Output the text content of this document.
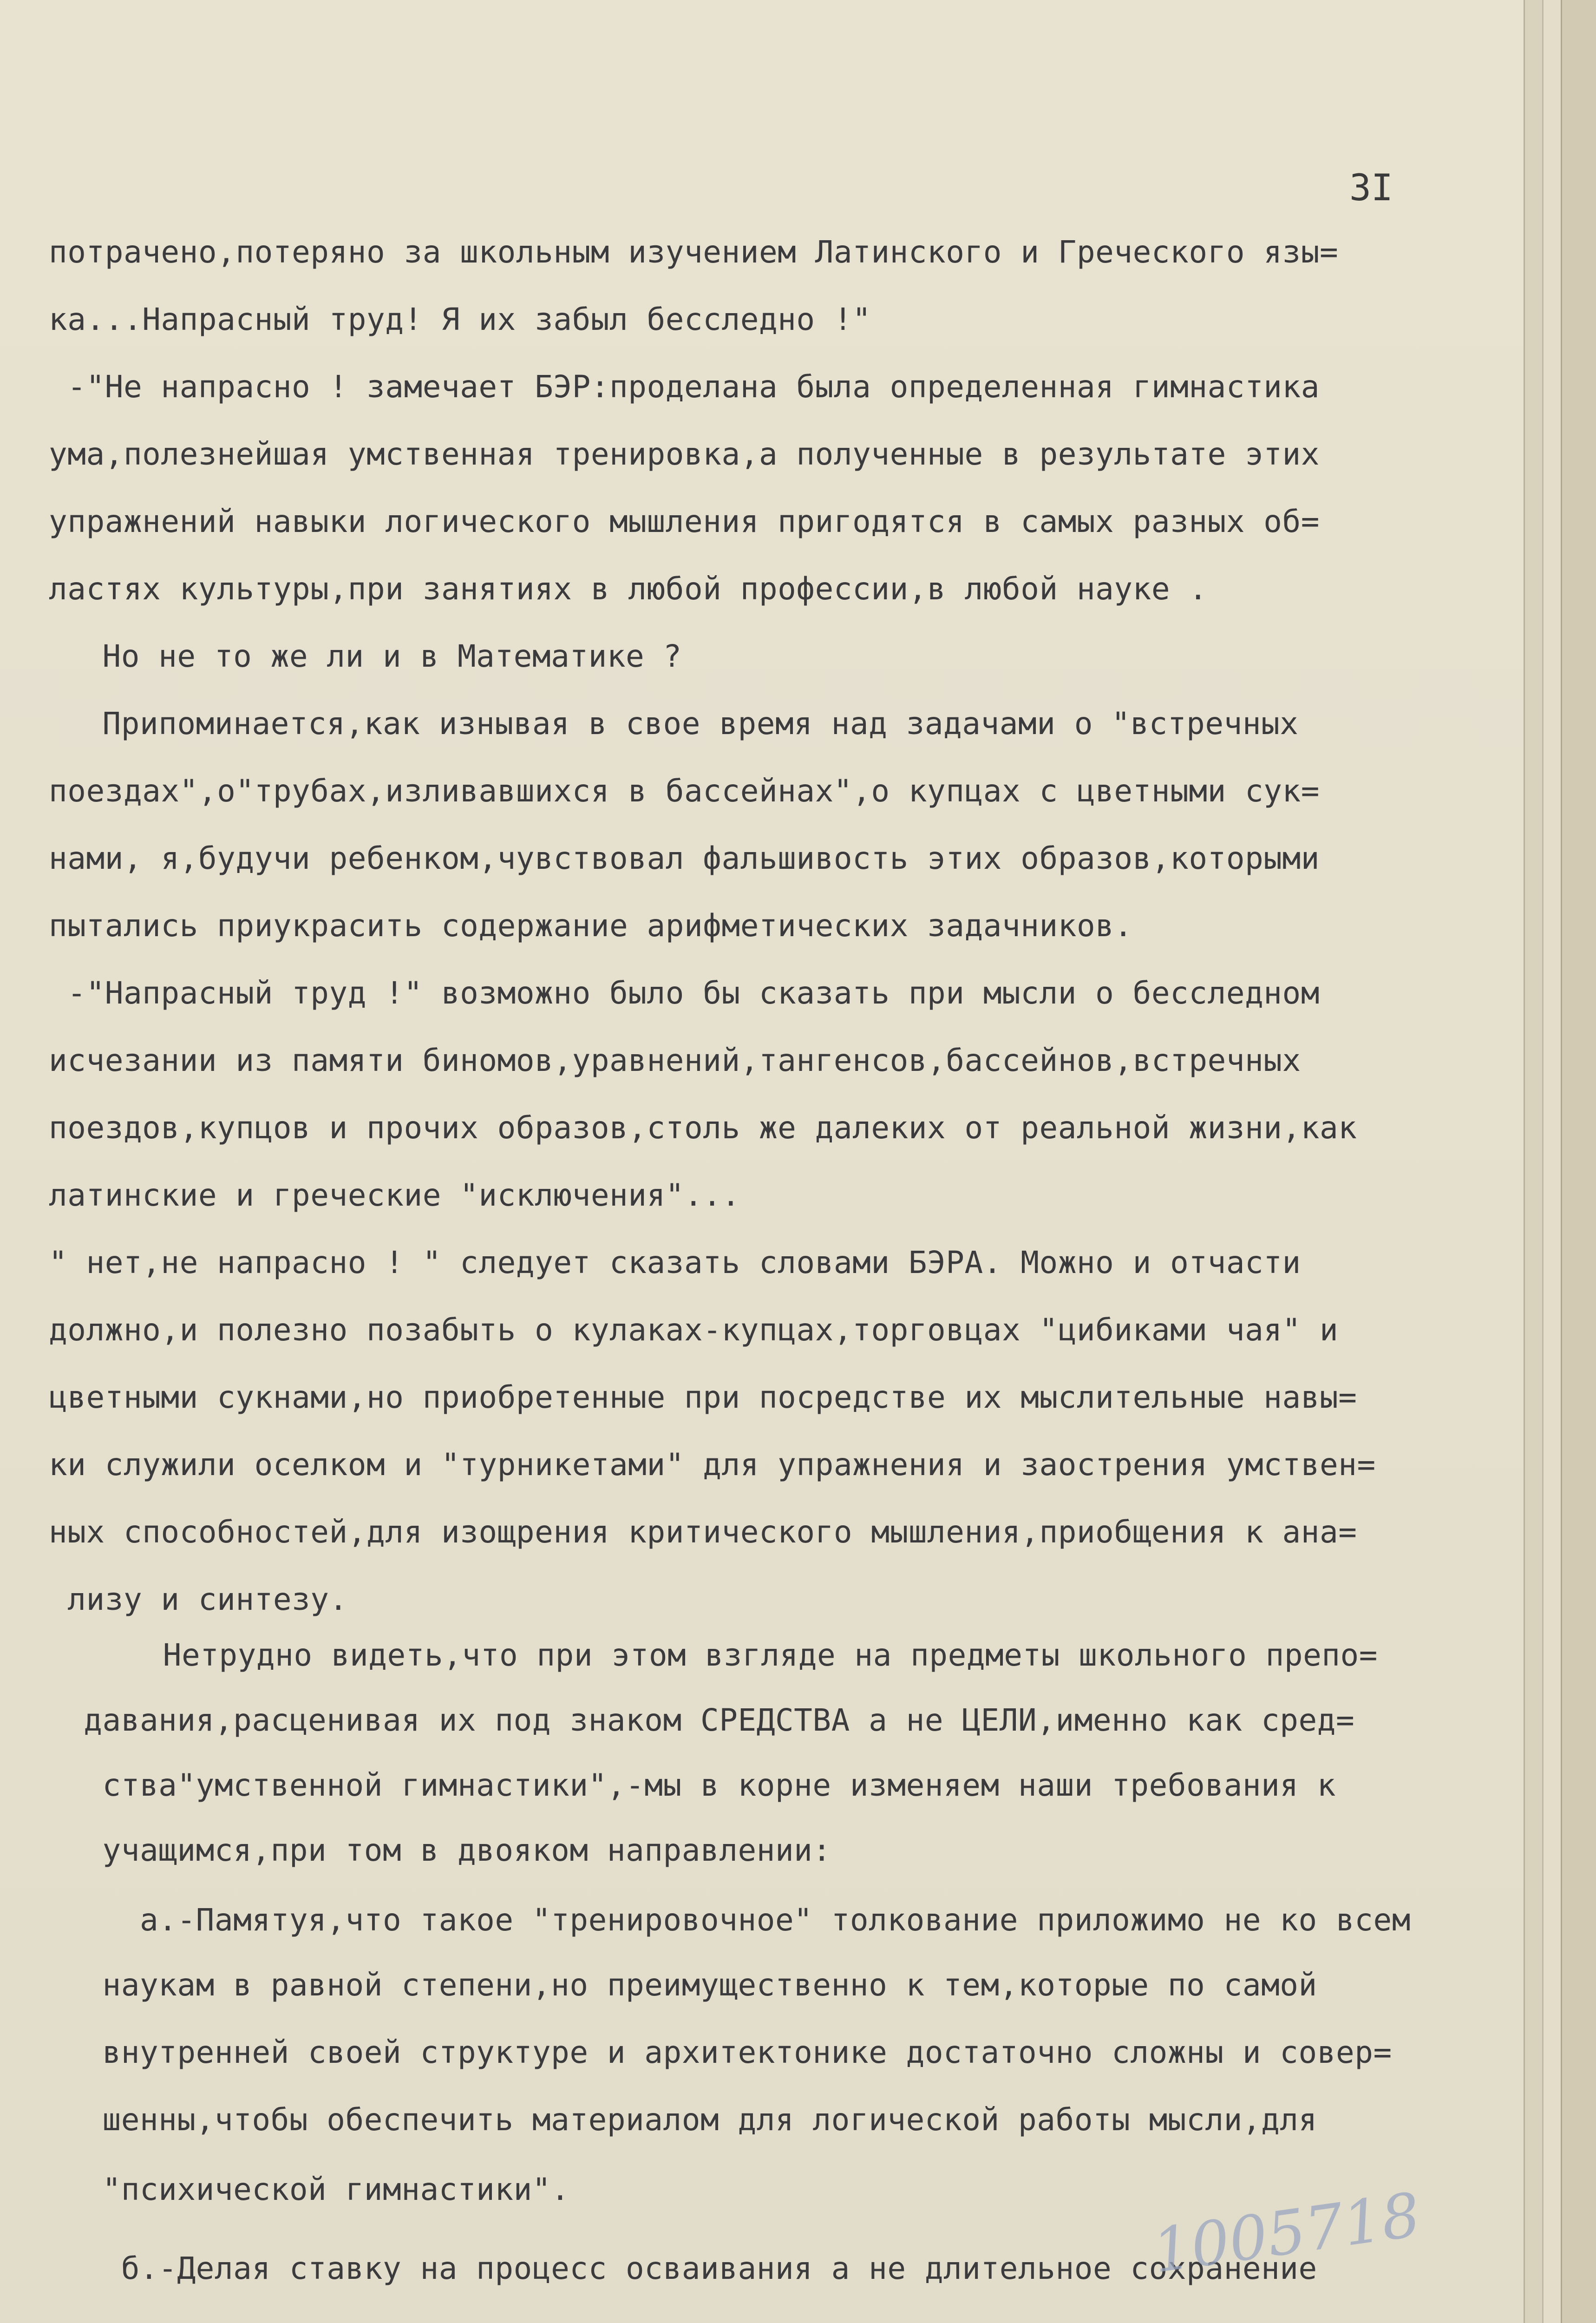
3I
потрачено,потеряно за школьным изучением Латинского и Греческого язы=
ка...Напрасный труд! Я их забыл бесследно !"
-"Не напрасно ! замечает БЭР:проделана была определенная гимнастика
ума,полезнейшая умственная тренировка,а полученные в результате этих
упражнений навыки логического мышления пригодятся в самых разных об=
ластях культуры,при занятиях в любой профессии,в любой науке .
Но не то же ли и в Математике ?
Припоминается,как изнывая в свое время над задачами о "встречных
поездах",о"трубах,изливавшихся в бассейнах",о купцах с цветными сук=
нами, я,будучи ребенком,чувствовал фальшивость этих образов,которыми
пытались приукрасить содержание арифметических задачников.
-"Напрасный труд !" возможно было бы сказать при мысли о бесследном
исчезании из памяти биномов,уравнений,тангенсов,бассейнов,встречных
поездов,купцов и прочих образов,столь же далеких от реальной жизни,как
латинские и греческие "исключения"...
" нет,не напрасно ! " следует сказать словами БЭРА. Можно и отчасти
должно,и полезно позабыть о кулаках-купцах,торговцах "цибиками чая" и
цветными сукнами,но приобретенные при посредстве их мыслительные навы=
ки служили оселком и "турникетами" для упражнения и заострения умствен=
ных способностей,для изощрения критического мышления,приобщения к ана=
лизу и синтезу.
Нетрудно видеть,что при этом взгляде на предметы школьного препо=
давания,расценивая их под знаком СРЕДСТВА а не ЦЕЛИ,именно как сред=
ства"умственной гимнастики",-мы в корне изменяем наши требования к
учащимся,при том в двояком направлении:
а.-Памятуя,что такое "тренировочное" толкование приложимо не ко всем
наукам в равной степени,но преимущественно к тем,которые по самой
внутренней своей структуре и архитектонике достаточно сложны и совер=
шенны,чтобы обеспечить материалом для логической работы мысли,для
"психической гимнастики".
б.-Делая ставку на процесс осваивания а не длительное сохранение
1005718
